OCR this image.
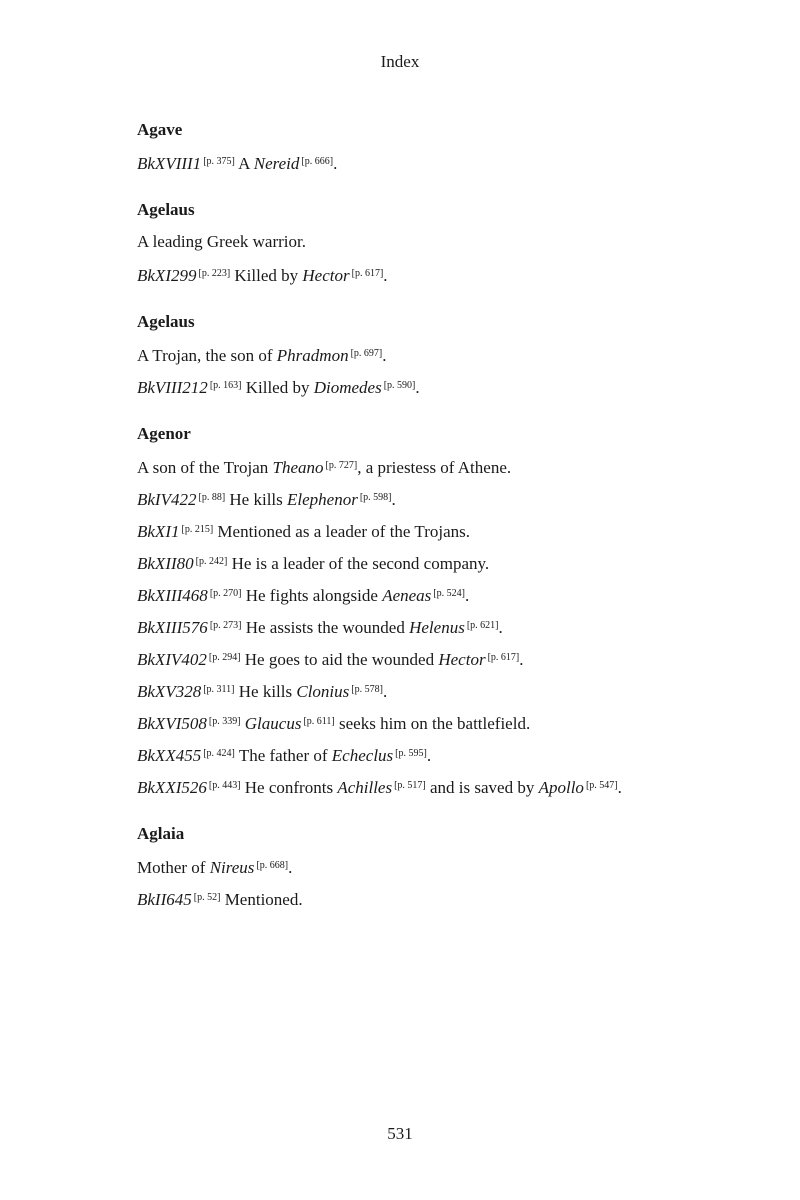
Index
Agave
BkXVIII1 [p. 375] A Nereid [p. 666].
Agelaus
A leading Greek warrior.
BkXI299 [p. 223] Killed by Hector [p. 617].
Agelaus
A Trojan, the son of Phradmon [p. 697].
BkVIII212 [p. 163] Killed by Diomedes [p. 590].
Agenor
A son of the Trojan Theano [p. 727], a priestess of Athene.
BkIV422 [p. 88] He kills Elephenor [p. 598].
BkXI1 [p. 215] Mentioned as a leader of the Trojans.
BkXII80 [p. 242] He is a leader of the second company.
BkXIII468 [p. 270] He fights alongside Aeneas [p. 524].
BkXIII576 [p. 273] He assists the wounded Helenus [p. 621].
BkXIV402 [p. 294] He goes to aid the wounded Hector [p. 617].
BkXV328 [p. 311] He kills Clonius [p. 578].
BkXVI508 [p. 339] Glaucus [p. 611] seeks him on the battlefield.
BkXX455 [p. 424] The father of Echeclus [p. 595].
BkXXI526 [p. 443] He confronts Achilles [p. 517] and is saved by Apollo [p. 547].
Aglaia
Mother of Nireus [p. 668].
BkII645 [p. 52] Mentioned.
531
